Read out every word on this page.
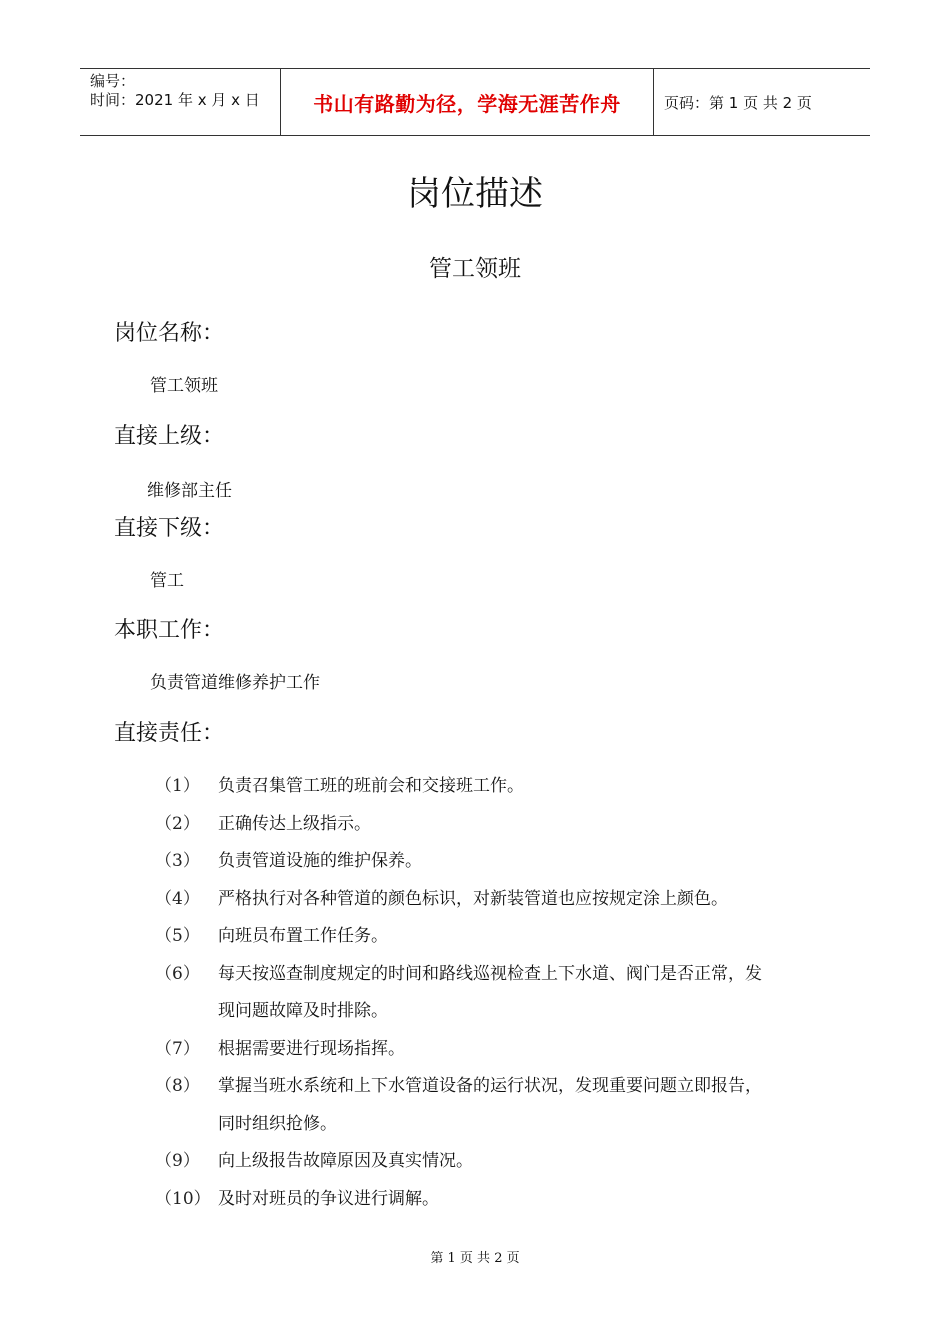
编号：
时间：2021 年 x 月 x 日	书山有路勤为径，学海无涯苦作舟	页码：第 1 页 共 2 页
岗位描述
管工领班
岗位名称：
管工领班
直接上级：
维修部主任
直接下级：
管工
本职工作：
负责管道维修养护工作
直接责任：
（1）	负责召集管工班的班前会和交接班工作。
（2）	正确传达上级指示。
（3）	负责管道设施的维护保养。
（4）	严格执行对各种管道的颜色标识，对新装管道也应按规定涂上颜色。
（5）	向班员布置工作任务。
（6）	每天按巡查制度规定的时间和路线巡视检查上下水道、阀门是否正常，发
现问题故障及时排除。
（7）	根据需要进行现场指挥。
（8）	掌握当班水系统和上下水管道设备的运行状况，发现重要问题立即报告，
同时组织抢修。
（9）	向上级报告故障原因及真实情况。
（10） 及时对班员的争议进行调解。
第 1 页 共 2 页
